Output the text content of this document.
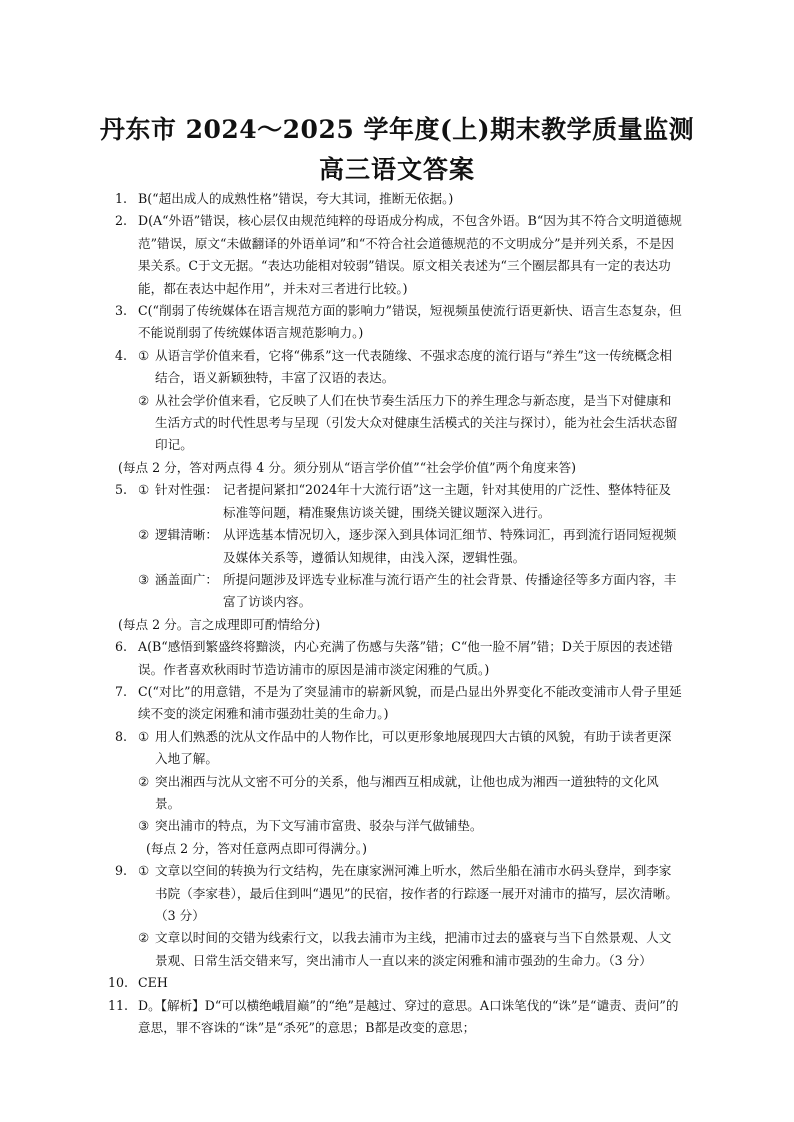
丹东市 2024～2025 学年度(上)期末教学质量监测
高三语文答案
1. B(“超出成人的成熟性格”错误，夸大其词，推断无依据。)

2. D(A“外语”错误，核心层仅由规范纯粹的母语成分构成，不包含外语。B“因为其不符合文明道德规范”错误，原文“未做翻译的外语单词”和“不符合社会道德规范的不文明成分”是并列关系，不是因果关系。C于文无据。“表达功能相对较弱”错误。原文相关表述为“三个圈层都具有一定的表达功能，都在表达中起作用”，并未对三者进行比较。)

3. C(“削弱了传统媒体在语言规范方面的影响力”错误，短视频虽使流行语更新快、语言生态复杂，但不能说削弱了传统媒体语言规范影响力。)

4. ① 从语言学价值来看，它将“佛系”这一代表随缘、不强求态度的流行语与“养生”这一传统概念相结合，语义新颖独特，丰富了汉语的表达。

② 从社会学价值来看，它反映了人们在快节奏生活压力下的养生理念与新态度，是当下对健康和生活方式的时代性思考与呈现（引发大众对健康生活模式的关注与探讨），能为社会生活状态留印记。

(每点 2 分，答对两点得 4 分。须分别从“语言学价值”“社会学价值”两个角度来答)

5. ① 针对性强： 记者提问紧扣“2024年十大流行语”这一主题，针对其使用的广泛性、整体特征及标准等问题，精准聚焦访谈关键，围绕关键议题深入进行。

② 逻辑清晰： 从评选基本情况切入，逐步深入到具体词汇细节、特殊词汇，再到流行语同短视频及媒体关系等，遵循认知规律，由浅入深，逻辑性强。

③ 涵盖面广： 所提问题涉及评选专业标准与流行语产生的社会背景、传播途径等多方面内容，丰富了访谈内容。

(每点 2 分。言之成理即可酌情给分)

6. A(B“感悟到繁盛终将黯淡，内心充满了伤感与失落”错；C“他一脸不屑”错；D关于原因的表述错误。作者喜欢秋雨时节造访浦市的原因是浦市淡定闲雅的气质。)

7. C(“对比”的用意错，不是为了突显浦市的崭新风貌，而是凸显出外界变化不能改变浦市人骨子里延续不变的淡定闲雅和浦市强劲壮美的生命力。)

8. ① 用人们熟悉的沈从文作品中的人物作比，可以更形象地展现四大古镇的风貌，有助于读者更深入地了解。

② 突出湘西与沈从文密不可分的关系，他与湘西互相成就，让他也成为湘西一道独特的文化风景。

③ 突出浦市的特点，为下文写浦市富贵、驳杂与洋气做铺垫。

(每点 2 分，答对任意两点即可得满分。)

9. ① 文章以空间的转换为行文结构，先在康家洲河滩上听水，然后坐船在浦市水码头登岸，到李家书院（李家巷），最后住到叫“遇见”的民宿，按作者的行踪逐一展开对浦市的描写，层次清晰。（3 分）

② 文章以时间的交错为线索行文，以我去浦市为主线，把浦市过去的盛衰与当下自然景观、人文景观、日常生活交错来写，突出浦市人一直以来的淡定闲雅和浦市强劲的生命力。（3 分）

10. CEH

11. D。【解析】D“可以横绝峨眉巅”的“绝”是越过、穿过的意思。A口诛笔伐的“诛”是“谴责、责问”的意思，罪不容诛的“诛”是“杀死”的意思；B都是改变的意思；
